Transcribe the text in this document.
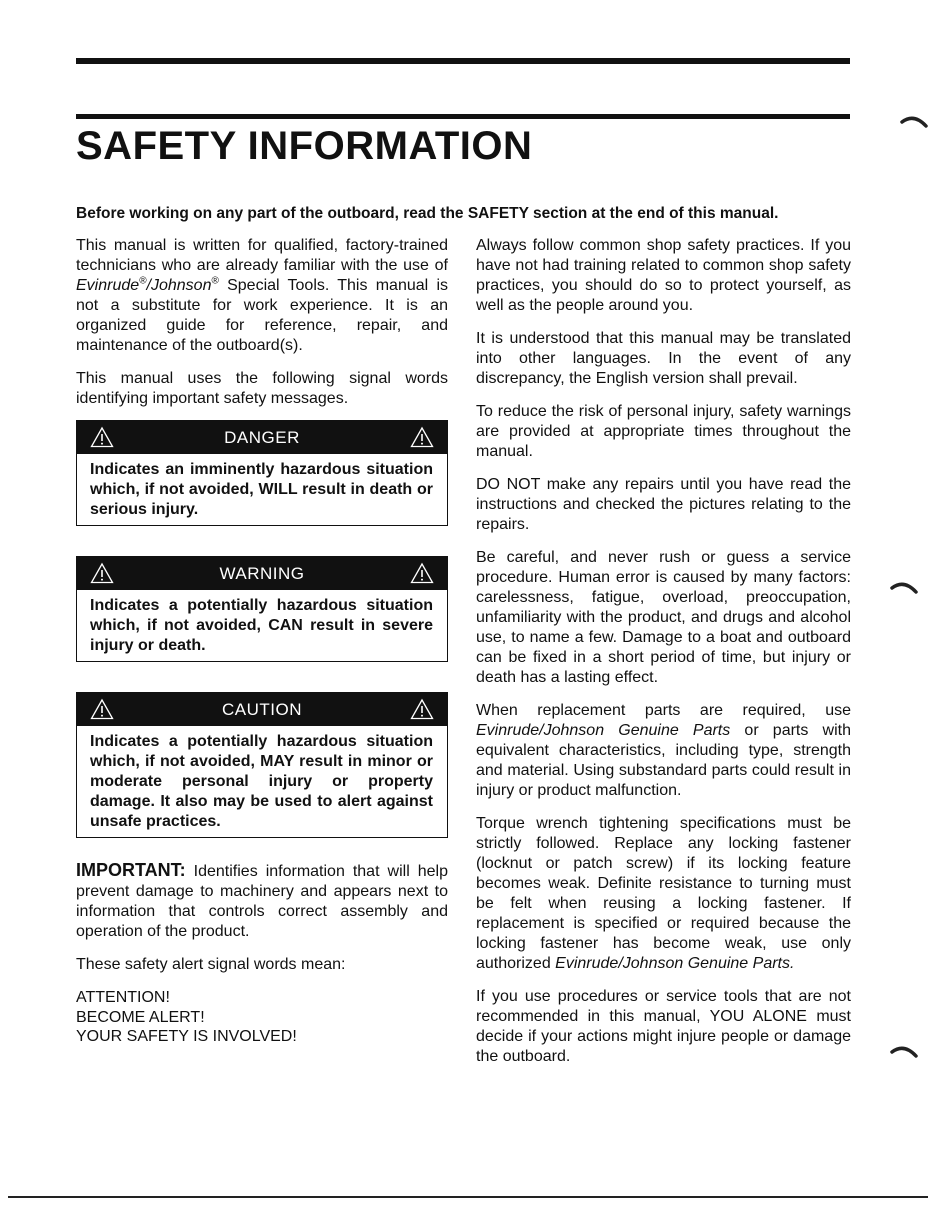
SAFETY INFORMATION

Before working on any part of the outboard, read the SAFETY section at the end of this manual.

This manual is written for qualified, factory-trained technicians who are already familiar with the use of Evinrude®/Johnson® Special Tools. This manual is not a substitute for work experience. It is an organized guide for reference, repair, and maintenance of the outboard(s).

This manual uses the following signal words identifying important safety messages.

DANGER
Indicates an imminently hazardous situation which, if not avoided, WILL result in death or serious injury.
WARNING
Indicates a potentially hazardous situation which, if not avoided, CAN result in severe injury or death.
CAUTION
Indicates a potentially hazardous situation which, if not avoided, MAY result in minor or moderate personal injury or property damage. It also may be used to alert against unsafe practices.

IMPORTANT: Identifies information that will help prevent damage to machinery and appears next to information that controls correct assembly and operation of the product.

These safety alert signal words mean:

ATTENTION!
BECOME ALERT!
YOUR SAFETY IS INVOLVED!

Always follow common shop safety practices. If you have not had training related to common shop safety practices, you should do so to protect yourself, as well as the people around you.

It is understood that this manual may be translated into other languages. In the event of any discrepancy, the English version shall prevail.

To reduce the risk of personal injury, safety warnings are provided at appropriate times throughout the manual.

DO NOT make any repairs until you have read the instructions and checked the pictures relating to the repairs.

Be careful, and never rush or guess a service procedure. Human error is caused by many factors: carelessness, fatigue, overload, preoccupation, unfamiliarity with the product, and drugs and alcohol use, to name a few. Damage to a boat and outboard can be fixed in a short period of time, but injury or death has a lasting effect.

When replacement parts are required, use Evinrude/Johnson Genuine Parts or parts with equivalent characteristics, including type, strength and material. Using substandard parts could result in injury or product malfunction.

Torque wrench tightening specifications must be strictly followed. Replace any locking fastener (locknut or patch screw) if its locking feature becomes weak. Definite resistance to turning must be felt when reusing a locking fastener. If replacement is specified or required because the locking fastener has become weak, use only authorized Evinrude/Johnson Genuine Parts.

If you use procedures or service tools that are not recommended in this manual, YOU ALONE must decide if your actions might injure people or damage the outboard.
